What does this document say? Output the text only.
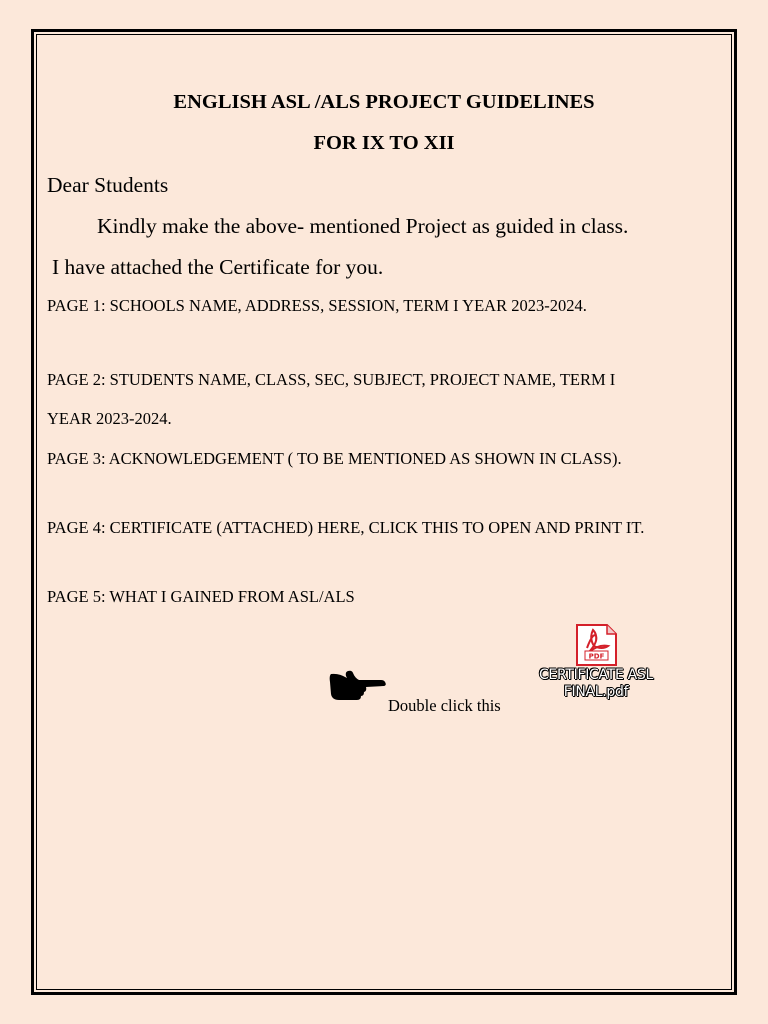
ENGLISH ASL /ALS PROJECT GUIDELINES
FOR IX TO XII
Dear Students
Kindly make the above- mentioned Project as guided in class.
I have attached the Certificate for you.
PAGE 1: SCHOOLS NAME, ADDRESS, SESSION, TERM I YEAR 2023-2024.
PAGE 2: STUDENTS NAME, CLASS, SEC, SUBJECT, PROJECT NAME, TERM I
YEAR 2023-2024.
PAGE 3: ACKNOWLEDGEMENT ( TO BE MENTIONED AS SHOWN IN CLASS).
PAGE 4: CERTIFICATE (ATTACHED) HERE, CLICK THIS TO OPEN AND PRINT IT.
PAGE 5: WHAT I GAINED FROM ASL/ALS
Double click this
PDF
CERTIFICATE ASL
FINAL.pdf
